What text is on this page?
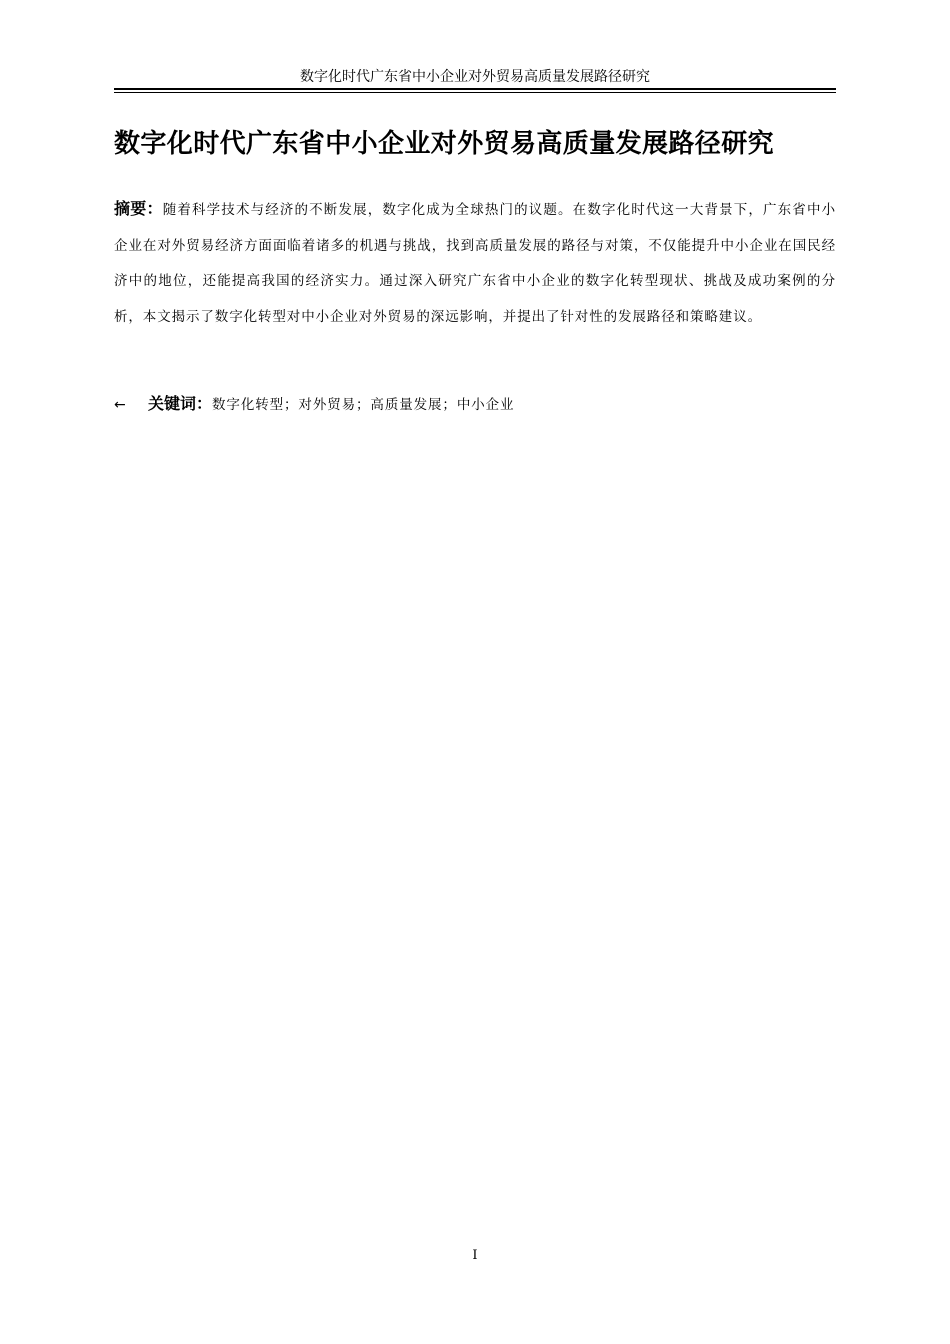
数字化时代广东省中小企业对外贸易高质量发展路径研究
数字化时代广东省中小企业对外贸易高质量发展路径研究
摘要：随着科学技术与经济的不断发展，数字化成为全球热门的议题。在数字化时代这一大背景下，广东省中小企业在对外贸易经济方面面临着诸多的机遇与挑战，找到高质量发展的路径与对策，不仅能提升中小企业在国民经济中的地位，还能提高我国的经济实力。通过深入研究广东省中小企业的数字化转型现状、挑战及成功案例的分析，本文揭示了数字化转型对中小企业对外贸易的深远影响，并提出了针对性的发展路径和策略建议。
← 关键词：数字化转型；对外贸易；高质量发展；中小企业
I
